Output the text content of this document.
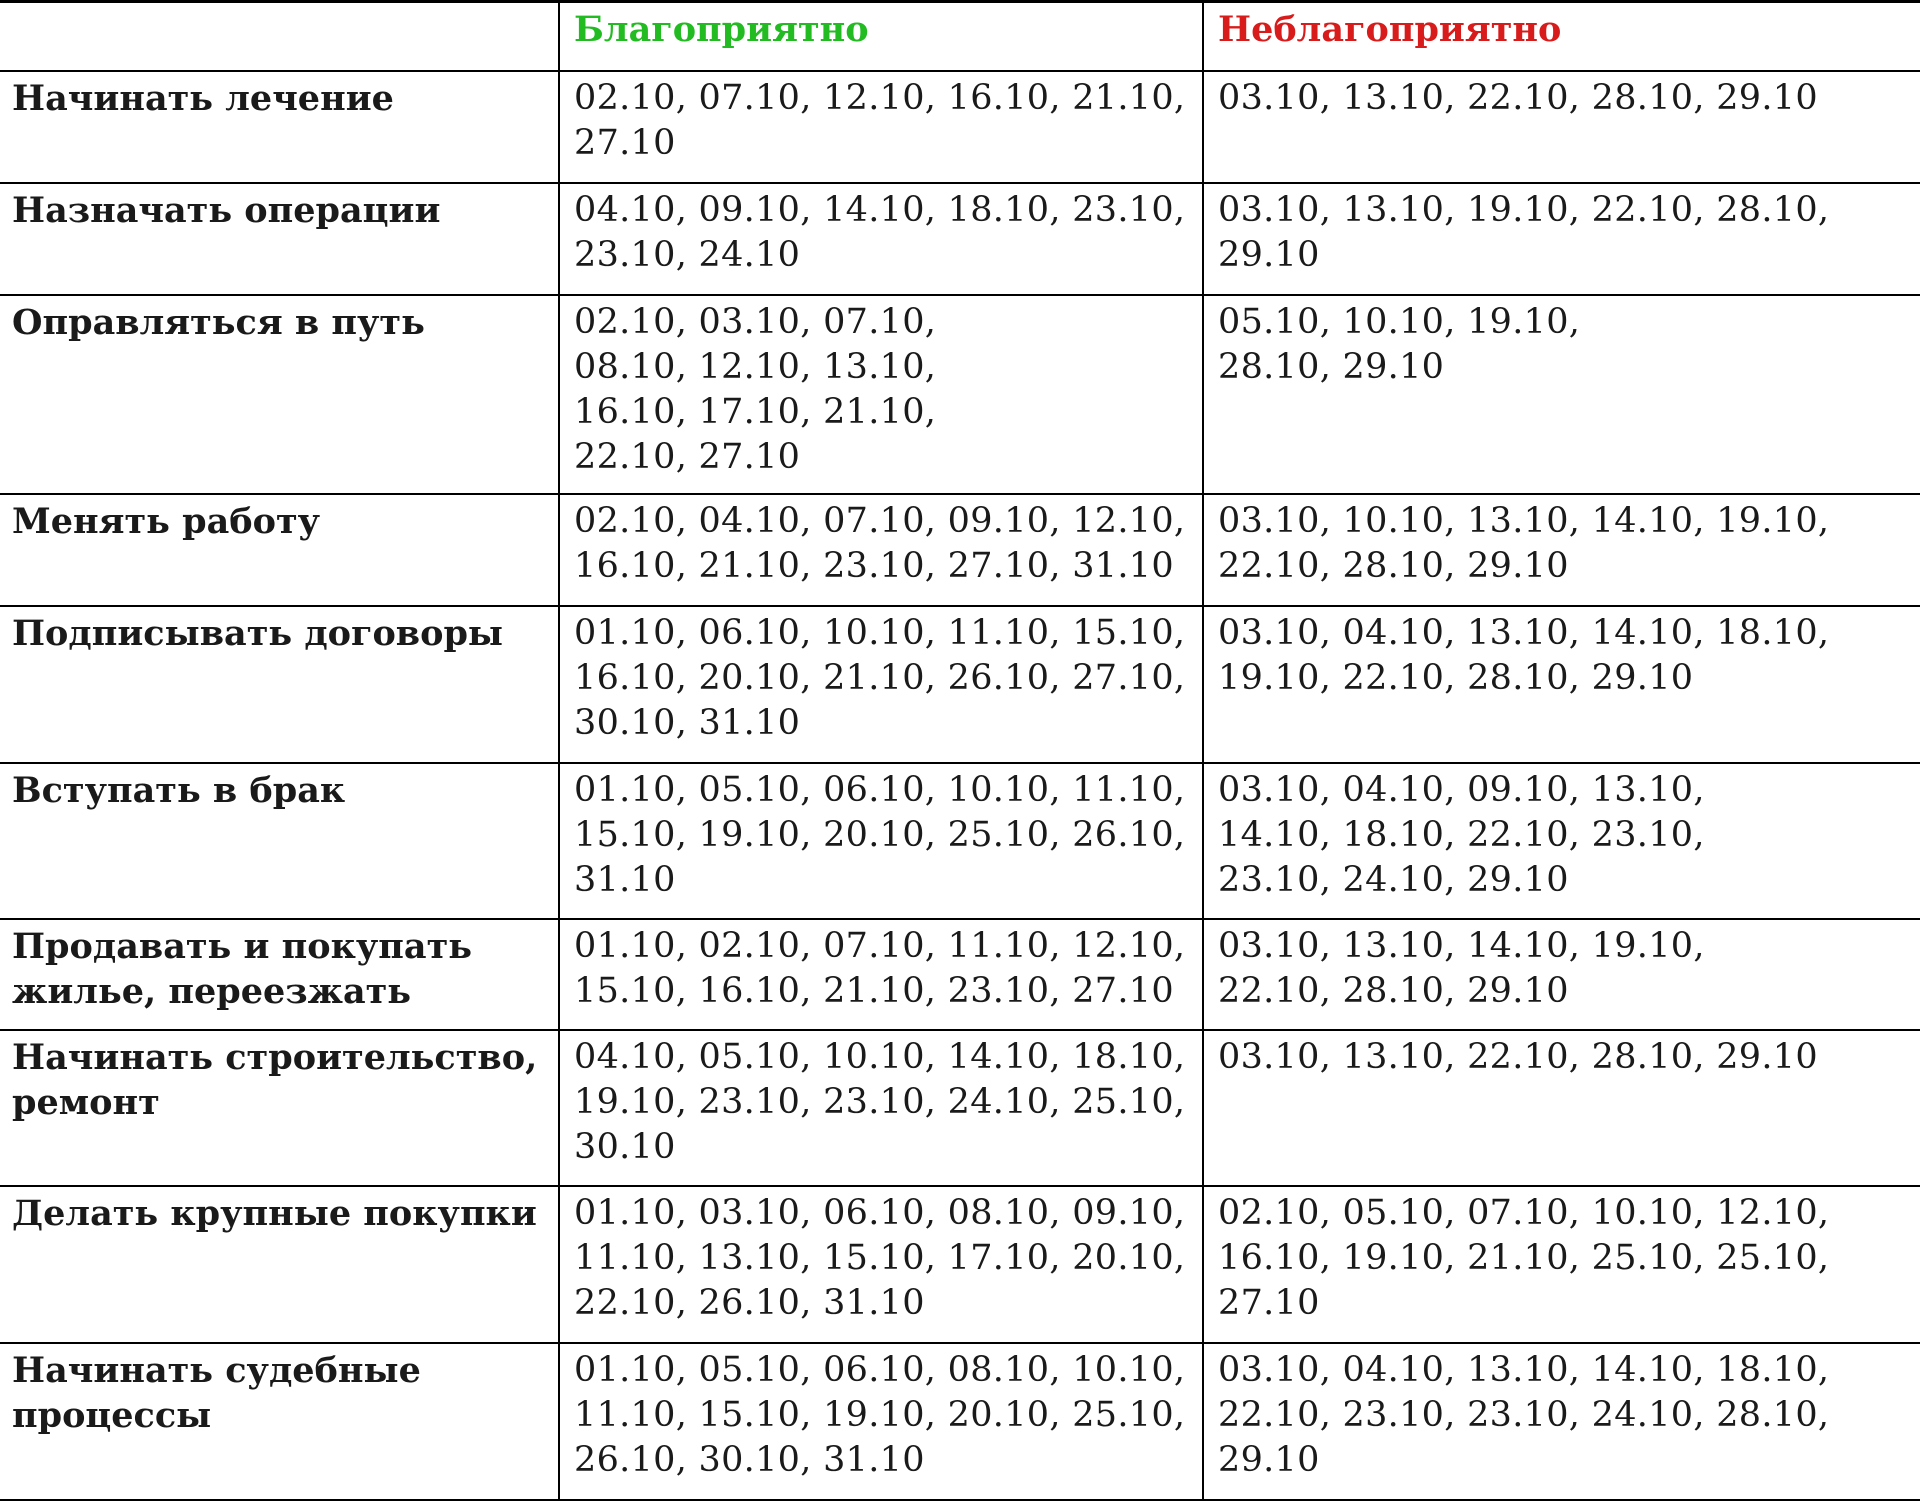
	Благоприятно	Неблагоприятно
Начинать лечение	02.10, 07.10, 12.10, 16.10, 21.10, 27.10	03.10, 13.10, 22.10, 28.10, 29.10
Назначать операции	04.10, 09.10, 14.10, 18.10, 23.10, 23.10, 24.10	03.10, 13.10, 19.10, 22.10, 28.10, 29.10
Оправляться в путь	02.10, 03.10, 07.10, 08.10, 12.10, 13.10, 16.10, 17.10, 21.10, 22.10, 27.10	05.10, 10.10, 19.10, 28.10, 29.10
Менять работу	02.10, 04.10, 07.10, 09.10, 12.10, 16.10, 21.10, 23.10, 27.10, 31.10	03.10, 10.10, 13.10, 14.10, 19.10, 22.10, 28.10, 29.10
Подписывать договоры	01.10, 06.10, 10.10, 11.10, 15.10, 16.10, 20.10, 21.10, 26.10, 27.10, 30.10, 31.10	03.10, 04.10, 13.10, 14.10, 18.10, 19.10, 22.10, 28.10, 29.10
Вступать в брак	01.10, 05.10, 06.10, 10.10, 11.10, 15.10, 19.10, 20.10, 25.10, 26.10, 31.10	03.10, 04.10, 09.10, 13.10, 14.10, 18.10, 22.10, 23.10, 23.10, 24.10, 29.10
Продавать и покупать жилье, переезжать	01.10, 02.10, 07.10, 11.10, 12.10, 15.10, 16.10, 21.10, 23.10, 27.10	03.10, 13.10, 14.10, 19.10, 22.10, 28.10, 29.10
Начинать строительство, ремонт	04.10, 05.10, 10.10, 14.10, 18.10, 19.10, 23.10, 23.10, 24.10, 25.10, 30.10	03.10, 13.10, 22.10, 28.10, 29.10
Делать крупные покупки	01.10, 03.10, 06.10, 08.10, 09.10, 11.10, 13.10, 15.10, 17.10, 20.10, 22.10, 26.10, 31.10	02.10, 05.10, 07.10, 10.10, 12.10, 16.10, 19.10, 21.10, 25.10, 25.10, 27.10
Начинать судебные процессы	01.10, 05.10, 06.10, 08.10, 10.10, 11.10, 15.10, 19.10, 20.10, 25.10, 26.10, 30.10, 31.10	03.10, 04.10, 13.10, 14.10, 18.10, 22.10, 23.10, 23.10, 24.10, 28.10, 29.10
